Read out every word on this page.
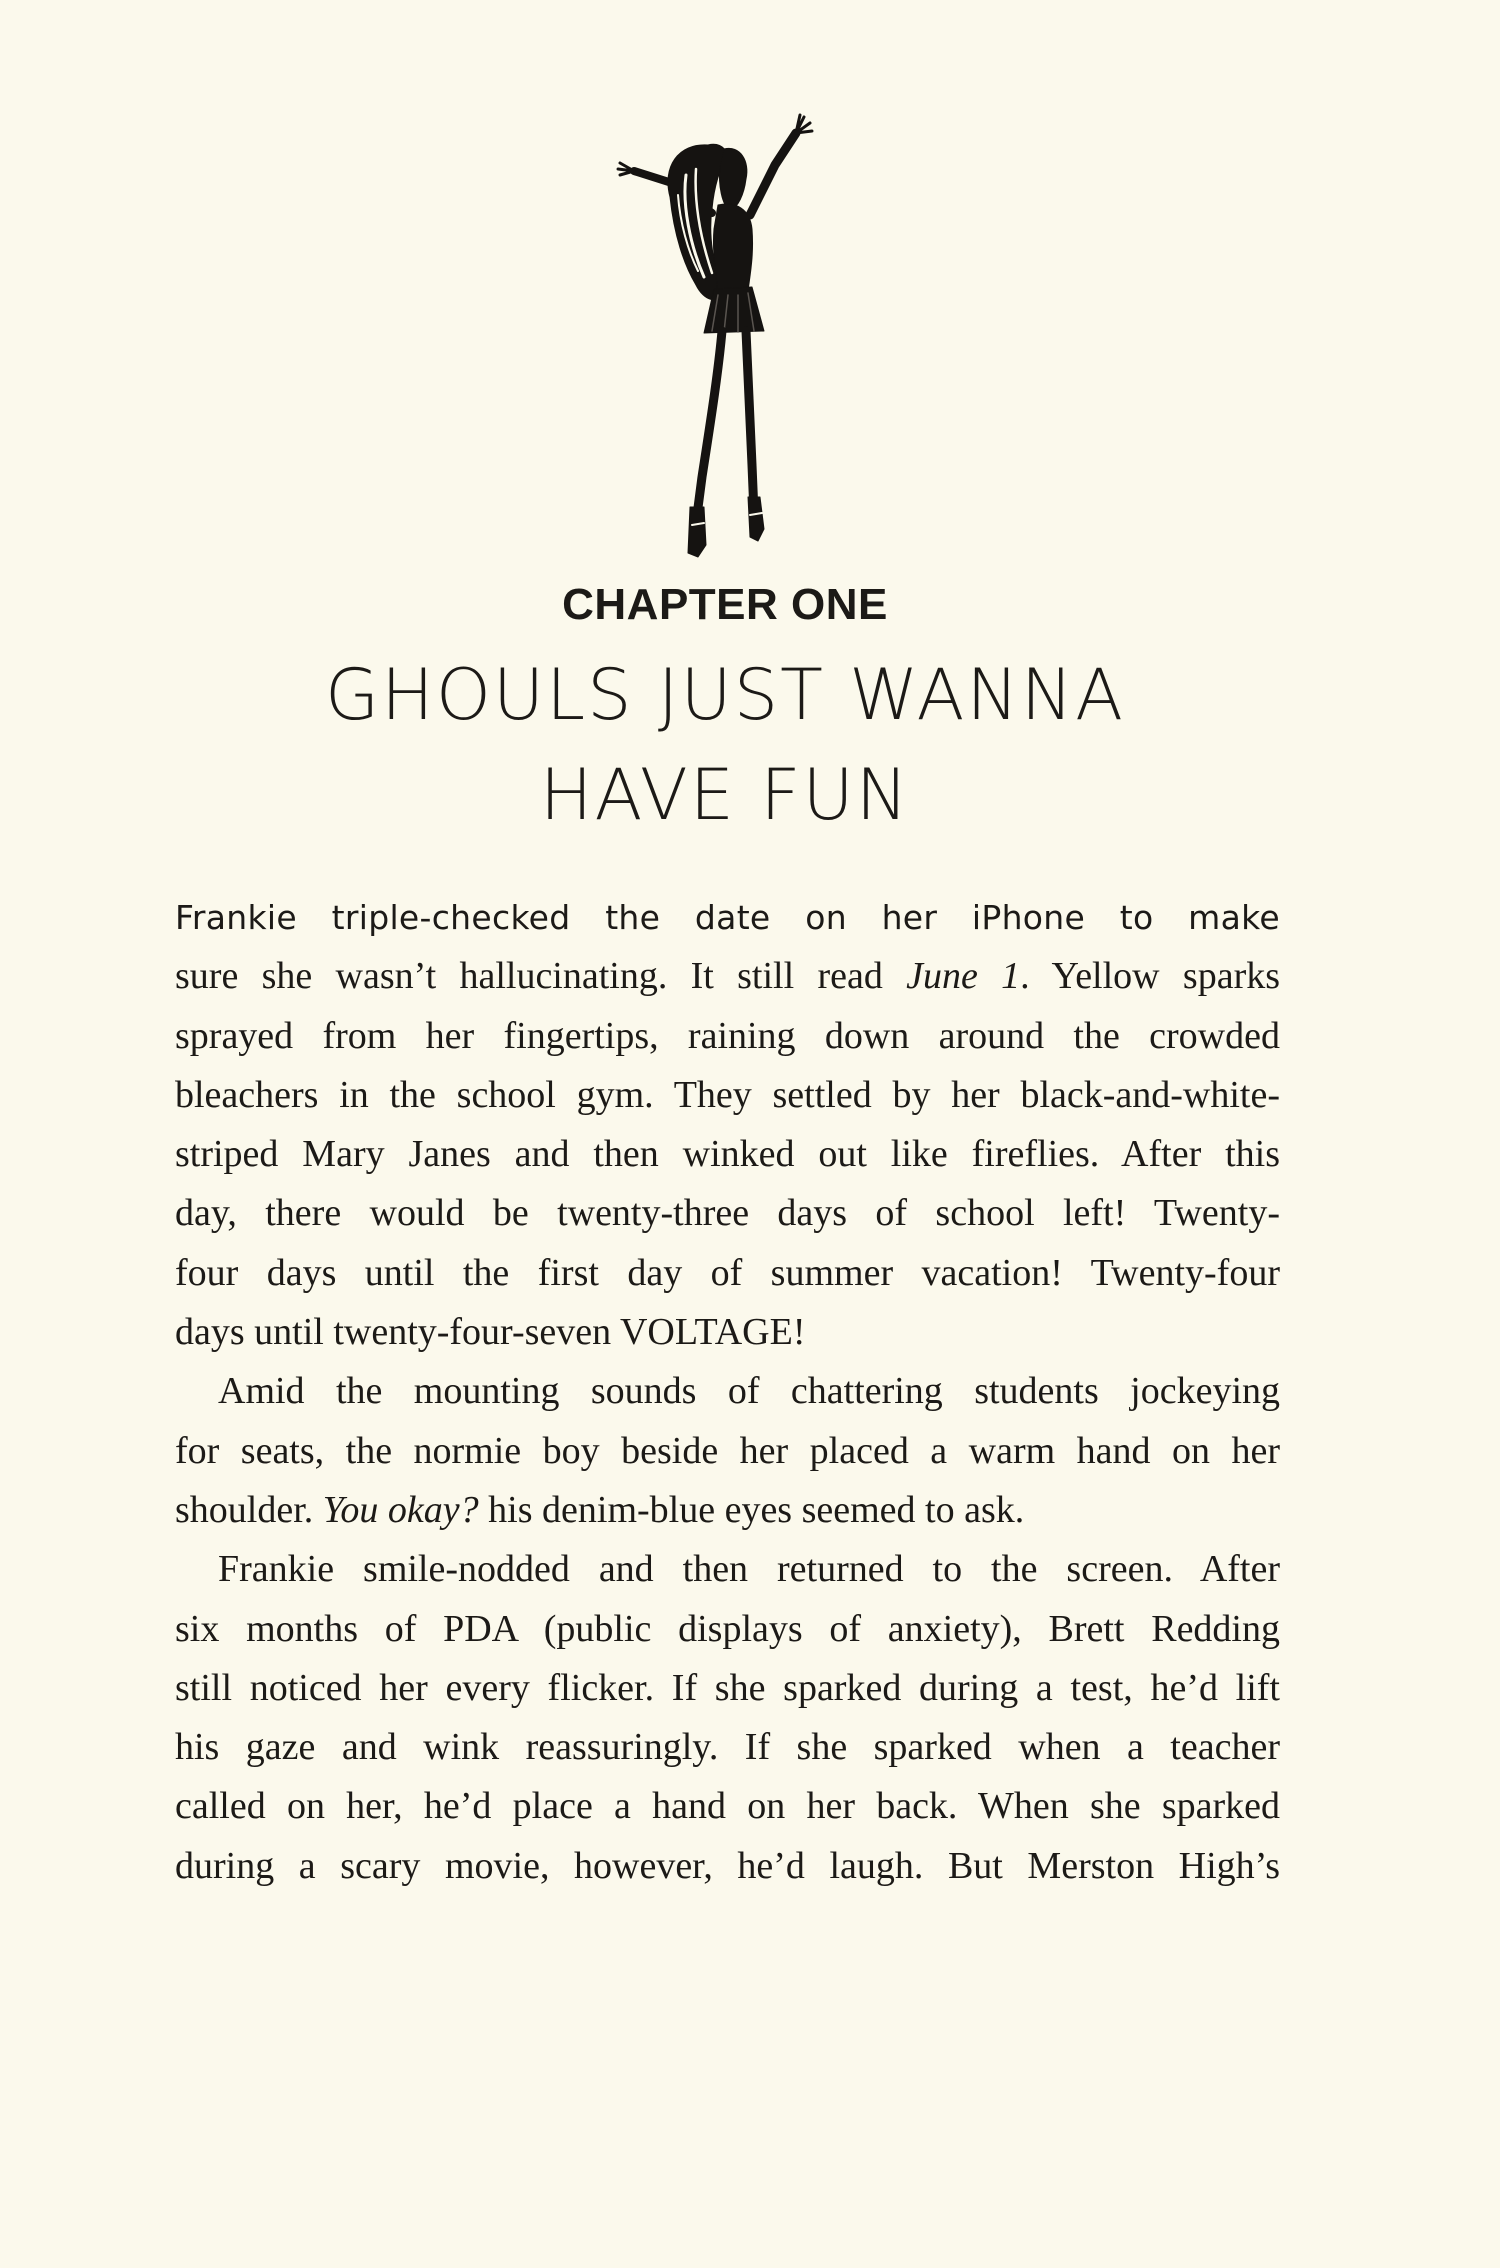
CHAPTER ONE
GHOULS JUST WANNA
HAVE FUN

Frankie triple-checked the date on her iPhone to make
sure she wasn’t hallucinating. It still read June 1. Yellow sparks
sprayed from her fingertips, raining down around the crowded
bleachers in the school gym. They settled by her black-and-white-
striped Mary Janes and then winked out like fireflies. After this
day, there would be twenty-three days of school left! Twenty-
four days until the first day of summer vacation! Twenty-four
days until twenty-four-seven VOLTAGE!

Amid the mounting sounds of chattering students jockeying
for seats, the normie boy beside her placed a warm hand on her
shoulder. You okay? his denim-blue eyes seemed to ask.

Frankie smile-nodded and then returned to the screen. After
six months of PDA (public displays of anxiety), Brett Redding
still noticed her every flicker. If she sparked during a test, he’d lift
his gaze and wink reassuringly. If she sparked when a teacher
called on her, he’d place a hand on her back. When she sparked
during a scary movie, however, he’d laugh. But Merston High’s
